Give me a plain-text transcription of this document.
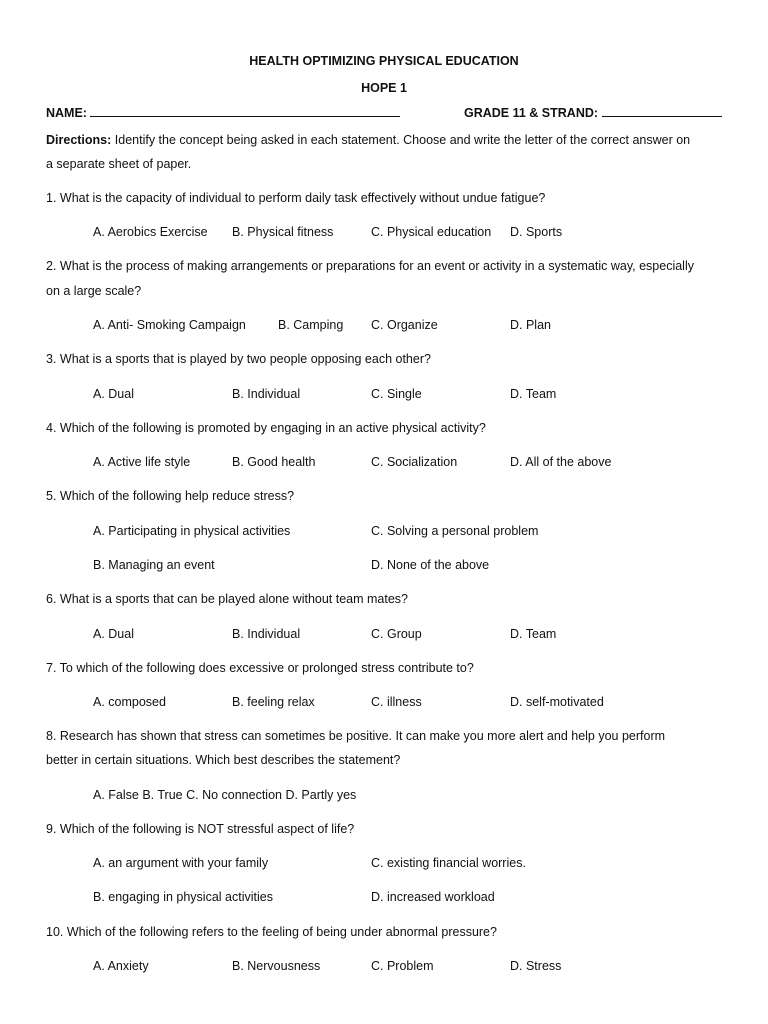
HEALTH OPTIMIZING PHYSICAL EDUCATION
HOPE 1
NAME:	GRADE 11 & STRAND:
Directions: Identify the concept being asked in each statement. Choose and write the letter of the correct answer on
a separate sheet of paper.
1. What is the capacity of individual to perform daily task effectively without undue fatigue?
A. Aerobics Exercise B. Physical fitness	C. Physical education D. Sports
2. What is the process of making arrangements or preparations for an event or activity in a systematic way, especially
on a large scale?
A. Anti- Smoking Campaign	B. Camping C. Organize	D. Plan
3. What is a sports that is played by two people opposing each other?
A. Dual	B. Individual	C. Single	D. Team
4. Which of the following is promoted by engaging in an active physical activity?
A. Active life style	B. Good health	C. Socialization	D. All of the above
5. Which of the following help reduce stress?
A. Participating in physical activities	C. Solving a personal problem
B. Managing an event	D. None of the above
6. What is a sports that can be played alone without team mates?
A. Dual	B. Individual	C. Group	D. Team
7. To which of the following does excessive or prolonged stress contribute to?
A. composed	B. feeling relax	C. illness	D. self-motivated
8. Research has shown that stress can sometimes be positive. It can make you more alert and help you perform
better in certain situations. Which best describes the statement?
A. False B. True C. No connection D. Partly yes
9. Which of the following is NOT stressful aspect of life?
A. an argument with your family	C. existing financial worries.
B. engaging in physical activities	D. increased workload
10. Which of the following refers to the feeling of being under abnormal pressure?
A. Anxiety	B. Nervousness	C. Problem	D. Stress
